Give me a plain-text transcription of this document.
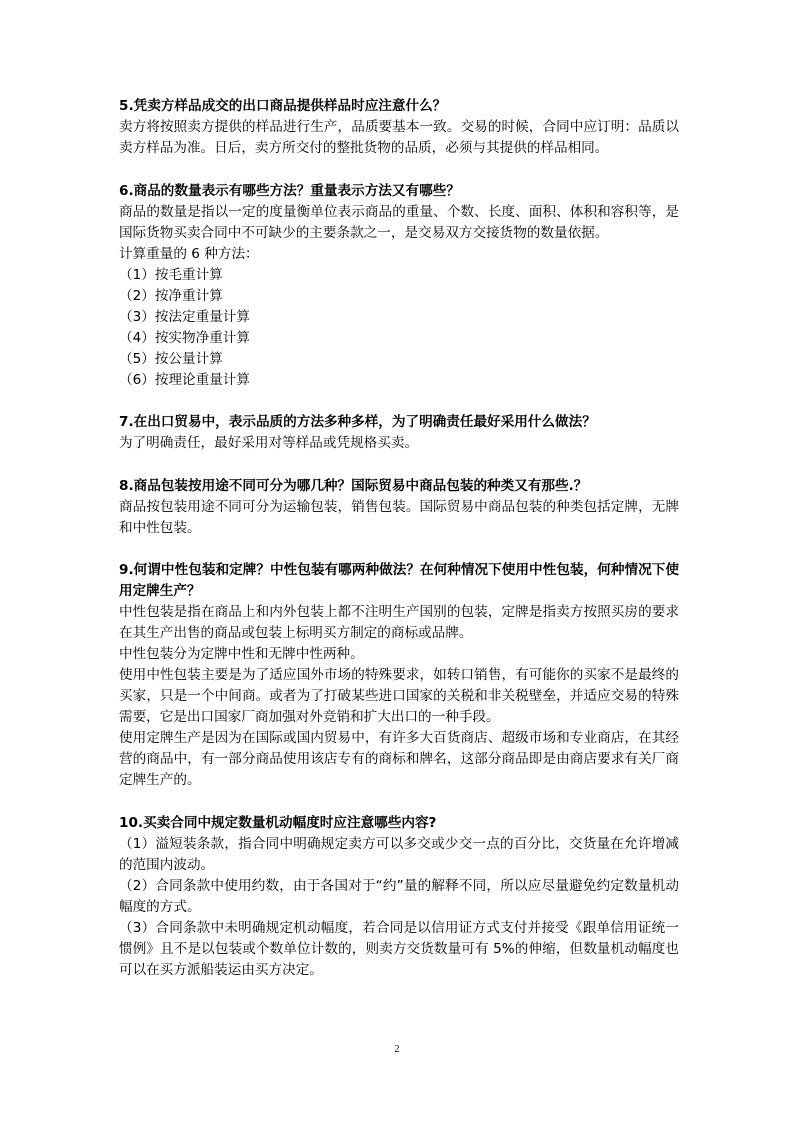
5.凭卖方样品成交的出口商品提供样品时应注意什么？

卖方将按照卖方提供的样品进行生产，品质要基本一致。交易的时候，合同中应订明：品质以卖方样品为准。日后，卖方所交付的整批货物的品质，必须与其提供的样品相同。

6.商品的数量表示有哪些方法？重量表示方法又有哪些？

商品的数量是指以一定的度量衡单位表示商品的重量、个数、长度、面积、体积和容积等，是国际货物买卖合同中不可缺少的主要条款之一，是交易双方交接货物的数量依据。

计算重量的 6 种方法：

（1）按毛重计算

（2）按净重计算

（3）按法定重量计算

（4）按实物净重计算

（5）按公量计算

（6）按理论重量计算

7.在出口贸易中，表示品质的方法多种多样，为了明确责任最好采用什么做法？

为了明确责任，最好采用对等样品或凭规格买卖。

8.商品包装按用途不同可分为哪几种？国际贸易中商品包装的种类又有那些.？

商品按包装用途不同可分为运输包装，销售包装。国际贸易中商品包装的种类包括定牌，无牌和中性包装。

9.何谓中性包装和定牌？中性包装有哪两种做法？在何种情况下使用中性包装，何种情况下使用定牌生产？

中性包装是指在商品上和内外包装上都不注明生产国别的包装，定牌是指卖方按照买房的要求在其生产出售的商品或包装上标明买方制定的商标或品牌。

中性包装分为定牌中性和无牌中性两种。

使用中性包装主要是为了适应国外市场的特殊要求，如转口销售，有可能你的买家不是最终的买家，只是一个中间商。或者为了打破某些进口国家的关税和非关税壁垒，并适应交易的特殊需要，它是出口国家厂商加强对外竞销和扩大出口的一种手段。

使用定牌生产是因为在国际或国内贸易中，有许多大百货商店、超级市场和专业商店，在其经营的商品中，有一部分商品使用该店专有的商标和牌名，这部分商品即是由商店要求有关厂商定牌生产的。

10.买卖合同中规定数量机动幅度时应注意哪些内容?

（1）溢短装条款，指合同中明确规定卖方可以多交或少交一点的百分比，交货量在允许增减的范围内波动。

（2）合同条款中使用约数，由于各国对于“约”量的解释不同，所以应尽量避免约定数量机动幅度的方式。

（3）合同条款中未明确规定机动幅度，若合同是以信用证方式支付并接受《跟单信用证统一惯例》且不是以包装或个数单位计数的，则卖方交货数量可有 5%的伸缩，但数量机动幅度也可以在买方派船装运由买方决定。

2
